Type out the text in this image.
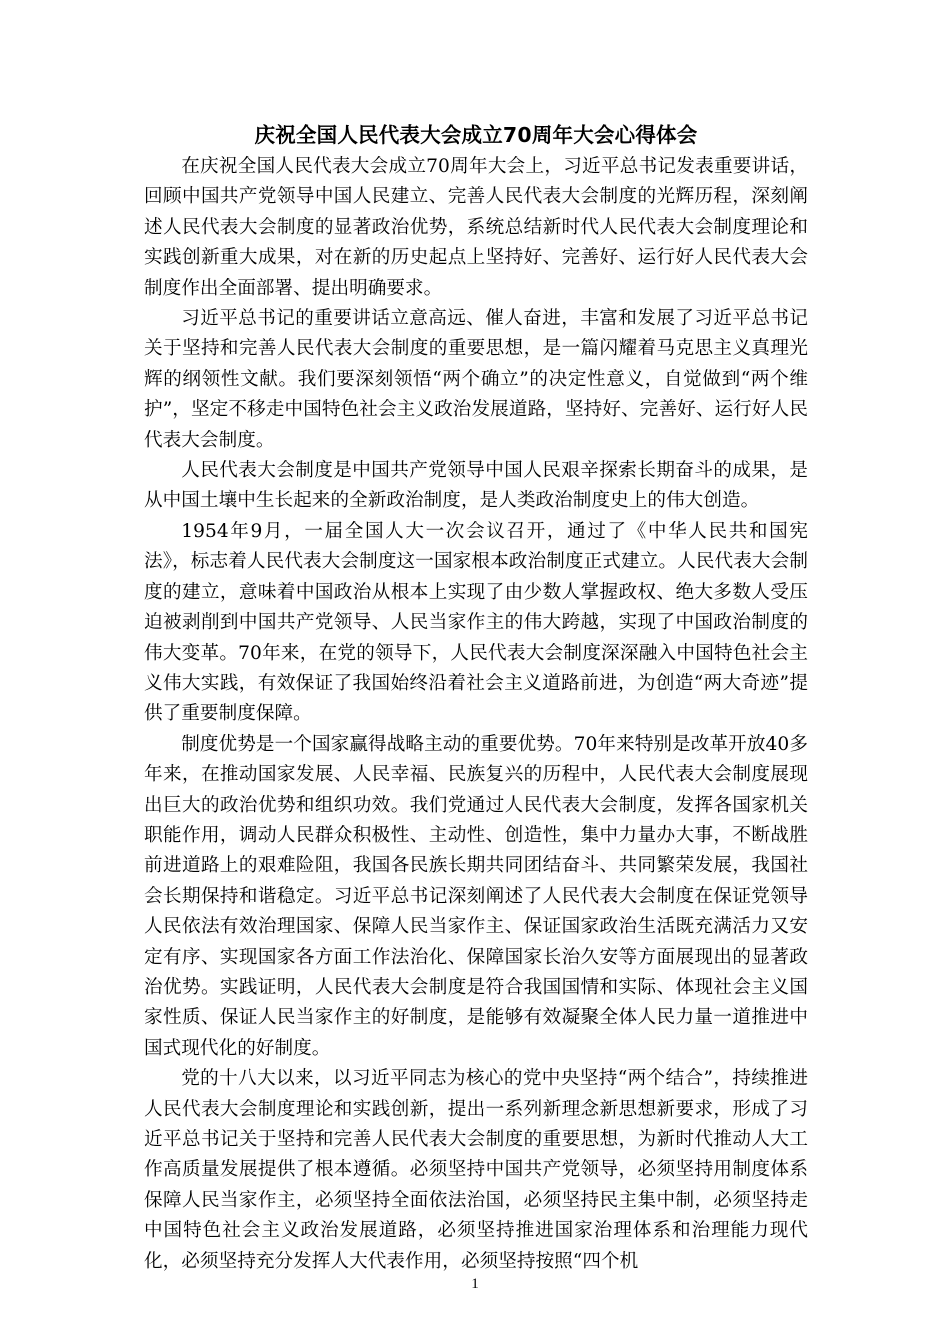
庆祝全国人民代表大会成立70周年大会心得体会

在庆祝全国人民代表大会成立70周年大会上，习近平总书记发表重要讲话，回顾中国共产党领导中国人民建立、完善人民代表大会制度的光辉历程，深刻阐述人民代表大会制度的显著政治优势，系统总结新时代人民代表大会制度理论和实践创新重大成果，对在新的历史起点上坚持好、完善好、运行好人民代表大会制度作出全面部署、提出明确要求。

习近平总书记的重要讲话立意高远、催人奋进，丰富和发展了习近平总书记关于坚持和完善人民代表大会制度的重要思想，是一篇闪耀着马克思主义真理光辉的纲领性文献。我们要深刻领悟“两个确立”的决定性意义，自觉做到“两个维护”，坚定不移走中国特色社会主义政治发展道路，坚持好、完善好、运行好人民代表大会制度。

人民代表大会制度是中国共产党领导中国人民艰辛探索长期奋斗的成果，是从中国土壤中生长起来的全新政治制度，是人类政治制度史上的伟大创造。

1954年9月，一届全国人大一次会议召开，通过了《中华人民共和国宪法》，标志着人民代表大会制度这一国家根本政治制度正式建立。人民代表大会制度的建立，意味着中国政治从根本上实现了由少数人掌握政权、绝大多数人受压迫被剥削到中国共产党领导、人民当家作主的伟大跨越，实现了中国政治制度的伟大变革。70年来，在党的领导下，人民代表大会制度深深融入中国特色社会主义伟大实践，有效保证了我国始终沿着社会主义道路前进，为创造“两大奇迹”提供了重要制度保障。

制度优势是一个国家赢得战略主动的重要优势。70年来特别是改革开放40多年来，在推动国家发展、人民幸福、民族复兴的历程中，人民代表大会制度展现出巨大的政治优势和组织功效。我们党通过人民代表大会制度，发挥各国家机关职能作用，调动人民群众积极性、主动性、创造性，集中力量办大事，不断战胜前进道路上的艰难险阻，我国各民族长期共同团结奋斗、共同繁荣发展，我国社会长期保持和谐稳定。习近平总书记深刻阐述了人民代表大会制度在保证党领导人民依法有效治理国家、保障人民当家作主、保证国家政治生活既充满活力又安定有序、实现国家各方面工作法治化、保障国家长治久安等方面展现出的显著政治优势。实践证明，人民代表大会制度是符合我国国情和实际、体现社会主义国家性质、保证人民当家作主的好制度，是能够有效凝聚全体人民力量一道推进中国式现代化的好制度。

党的十八大以来，以习近平同志为核心的党中央坚持“两个结合”，持续推进人民代表大会制度理论和实践创新，提出一系列新理念新思想新要求，形成了习近平总书记关于坚持和完善人民代表大会制度的重要思想，为新时代推动人大工作高质量发展提供了根本遵循。必须坚持中国共产党领导，必须坚持用制度体系保障人民当家作主，必须坚持全面依法治国，必须坚持民主集中制，必须坚持走中国特色社会主义政治发展道路，必须坚持推进国家治理体系和治理能力现代化，必须坚持充分发挥人大代表作用，必须坚持按照“四个机

1
